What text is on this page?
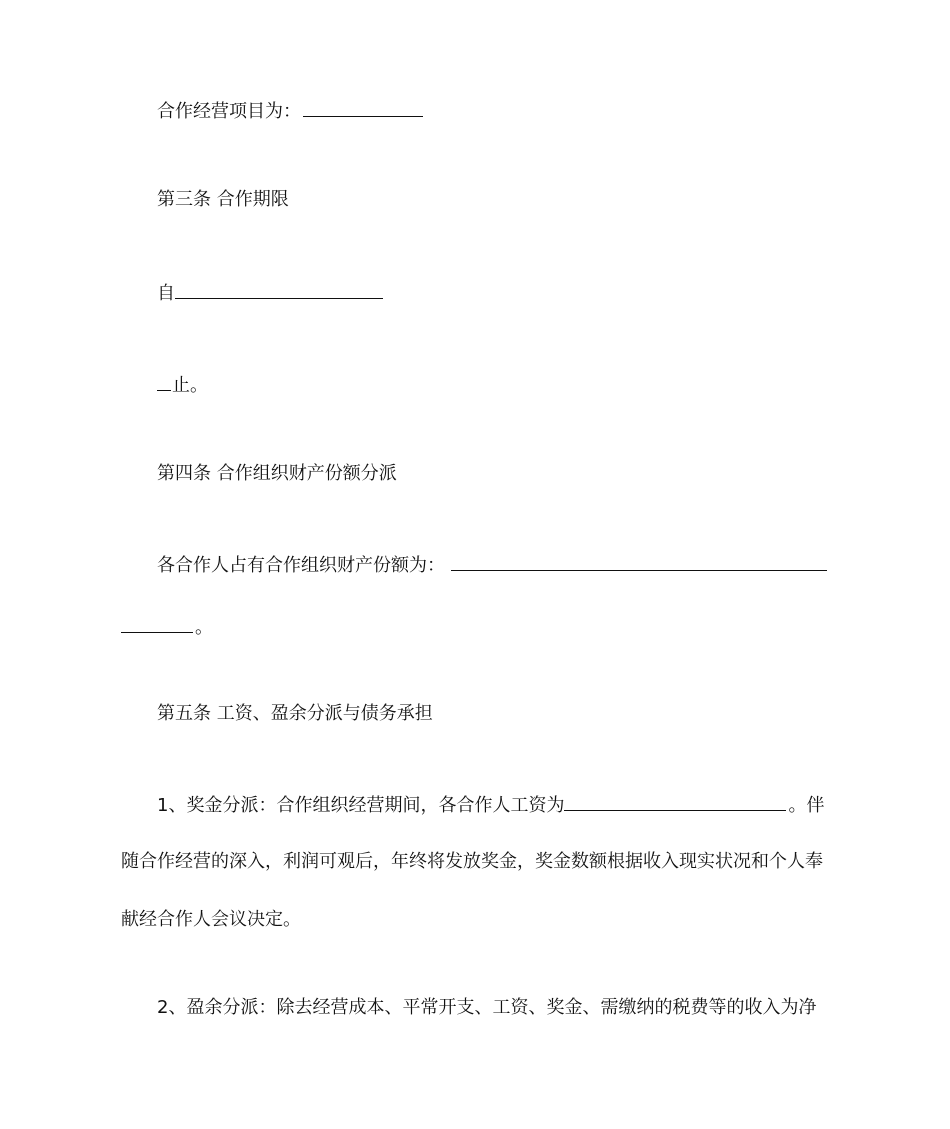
合作经营项目为：
第三条 合作期限
自
止。
第四条 合作组织财产份额分派
各合作人占有合作组织财产份额为：
。
第五条 工资、盈余分派与债务承担
1、奖金分派：合作组织经营期间，各合作人工资为	。伴
随合作经营的深入，利润可观后，年终将发放奖金，奖金数额根据收入现实状况和个人奉
献经合作人会议决定。
2、盈余分派：除去经营成本、平常开支、工资、奖金、需缴纳的税费等的收入为净
